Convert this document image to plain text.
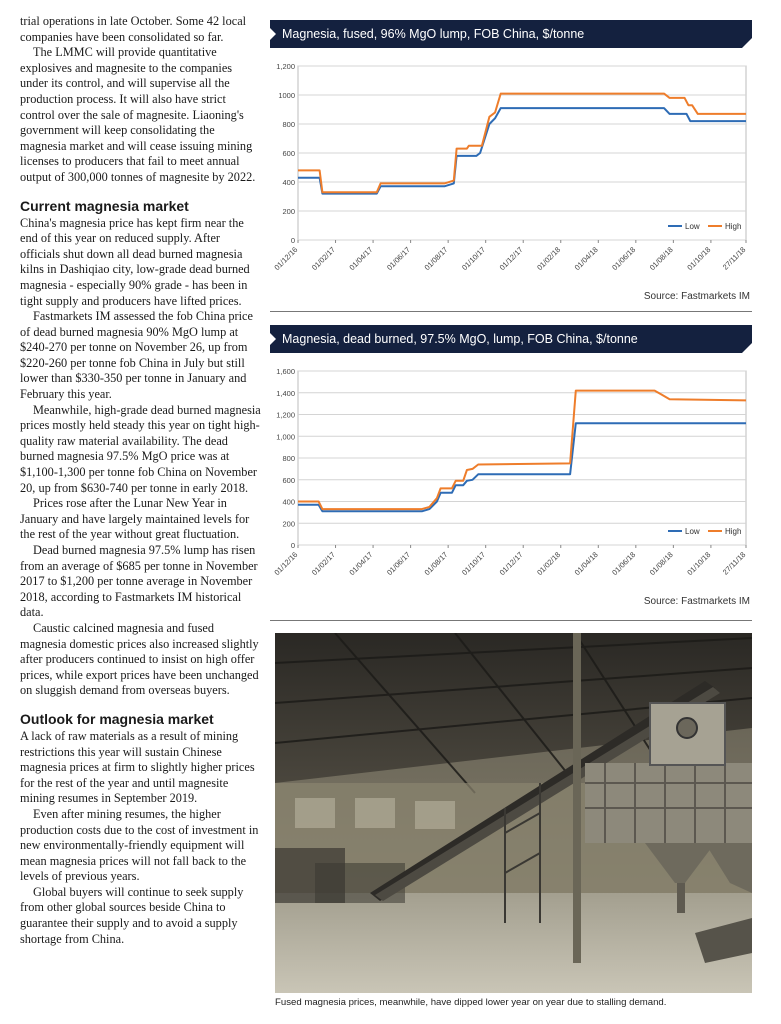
trial operations in late October. Some 42 local companies have been consolidated so far.

The LMMC will provide quantitative explosives and magnesite to the companies under its control, and will supervise all the production process. It will also have strict control over the sale of magnesite. Liaoning's government will keep consolidating the magnesia market and will cease issuing mining licenses to producers that fail to meet annual output of 300,000 tonnes of magnesite by 2022.

Current magnesia market

China's magnesia price has kept firm near the end of this year on reduced supply. After officials shut down all dead burned magnesia kilns in Dashiqiao city, low-grade dead burned magnesia - especially 90% grade - has been in tight supply and producers have lifted prices.

Fastmarkets IM assessed the fob China price of dead burned magnesia 90% MgO lump at $240-270 per tonne on November 26, up from $220-260 per tonne fob China in July but still lower than $330-350 per tonne in January and February this year.

Meanwhile, high-grade dead burned magnesia prices mostly held steady this year on tight high-quality raw material availability. The dead burned magnesia 97.5% MgO price was at $1,100-1,300 per tonne fob China on November 20, up from $630-740 per tonne in early 2018.

Prices rose after the Lunar New Year in January and have largely maintained levels for the rest of the year without great fluctuation.

Dead burned magnesia 97.5% lump has risen from an average of $685 per tonne in November 2017 to $1,200 per tonne average in November 2018, according to Fastmarkets IM historical data.

Caustic calcined magnesia and fused magnesia domestic prices also increased slightly after producers continued to insist on high offer prices, while export prices have been unchanged on sluggish demand from overseas buyers.

Outlook for magnesia market

A lack of raw materials as a result of mining restrictions this year will sustain Chinese magnesia prices at firm to slightly higher prices for the rest of the year and until magnesite mining resumes in September 2019.

Even after mining resumes, the higher production costs due to the cost of investment in new environmentally-friendly equipment will mean magnesia prices will not fall back to the levels of previous years.

Global buyers will continue to seek supply from other global sources beside China to guarantee their supply and to avoid a supply shortage from China.

Magnesia, fused, 96% MgO lump, FOB China, $/tonne
0
200
400
600
800
1000
1,200
01/12/16 01/02/17 01/04/17 01/06/17 01/08/17 01/10/17 01/12/17 01/02/18 01/04/18 01/06/18 01/08/18 01/10/18 27/11/18
Low	High
Source: Fastmarkets IM
Magnesia, dead burned, 97.5% MgO, lump, FOB China, $/tonne
0
200
400
600
800
1,000
1,200
1,400
1,600
01/12/16 01/02/17 01/04/17 01/06/17 01/08/17 01/10/17 01/12/17 01/02/18 01/04/18 01/06/18 01/08/18 01/10/18 27/11/18
Low	High
Source: Fastmarkets IM
Fused magnesia prices, meanwhile, have dipped lower year on year due to stalling demand.
